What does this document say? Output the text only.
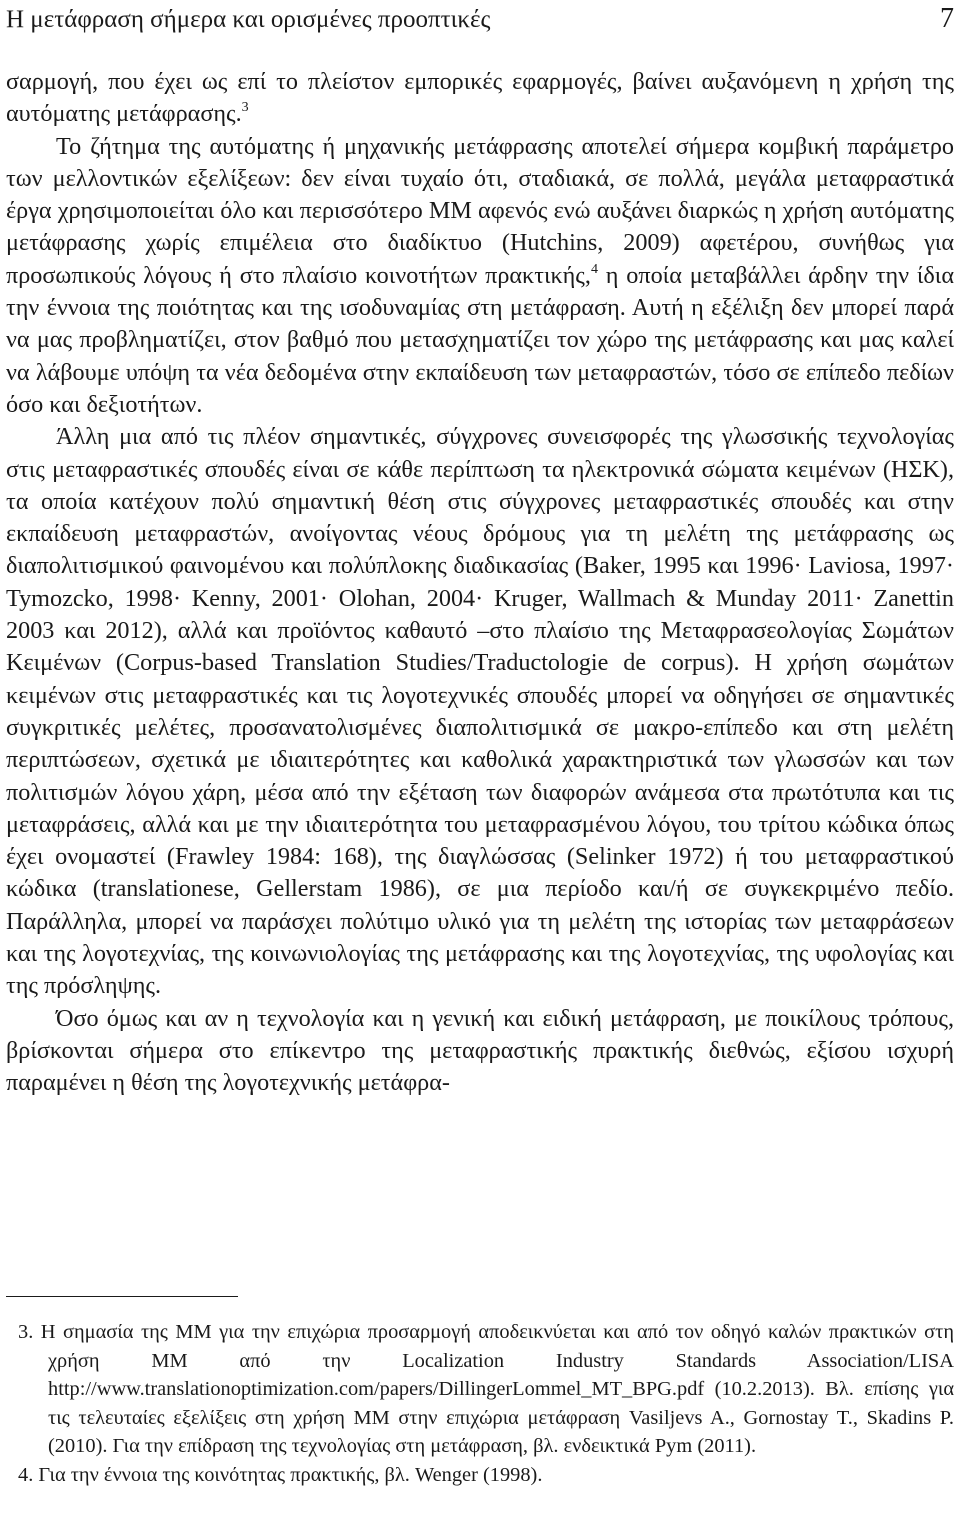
Η μετάφραση σήμερα και ορισμένες προοπτικές	7

σαρμογή, που έχει ως επί το πλείστον εμπορικές εφαρμογές, βαίνει αυξανόμενη η χρήση της αυτόματης μετάφρασης.$^3$

Το ζήτημα της αυτόματης ή μηχανικής μετάφρασης αποτελεί σήμερα κομβική παράμετρο των μελλοντικών εξελίξεων: δεν είναι τυχαίο ότι, σταδιακά, σε πολλά, μεγάλα μεταφραστικά έργα χρησιμοποιείται όλο και περισσότερο ΜΜ αφενός ενώ αυξάνει διαρκώς η χρήση αυτόματης μετάφρασης χωρίς επιμέλεια στο διαδίκτυο (Hutchins, 2009) αφετέρου, συνήθως για προσωπικούς λόγους ή στο πλαίσιο κοινοτήτων πρακτικής,$^4$ η οποία μεταβάλλει άρδην την ίδια την έννοια της ποιότητας και της ισοδυναμίας στη μετάφραση. Αυτή η εξέλιξη δεν μπορεί παρά να μας προβληματίζει, στον βαθμό που μετασχηματίζει τον χώρο της μετάφρασης και μας καλεί να λάβουμε υπόψη τα νέα δεδομένα στην εκπαίδευση των μεταφραστών, τόσο σε επίπεδο πεδίων όσο και δεξιοτήτων.

Άλλη μια από τις πλέον σημαντικές, σύγχρονες συνεισφορές της γλωσσικής τεχνολογίας στις μεταφραστικές σπουδές είναι σε κάθε περίπτωση τα ηλεκτρονικά σώματα κειμένων (ΗΣΚ), τα οποία κατέχουν πολύ σημαντική θέση στις σύγχρονες μεταφραστικές σπουδές και στην εκπαίδευση μεταφραστών, ανοίγοντας νέους δρόμους για τη μελέτη της μετάφρασης ως διαπολιτισμικού φαινομένου και πολύπλοκης διαδικασίας (Baker, 1995 και 1996· Laviosa, 1997· Tymozcko, 1998· Kenny, 2001· Olohan, 2004· Kruger, Wallmach & Munday 2011· Zanettin 2003 και 2012), αλλά και προϊόντος καθαυτό –στο πλαίσιο της Μεταφρασεολογίας Σωμάτων Κειμένων (Corpus-based Translation Studies/Traductologie de corpus). Η χρήση σωμάτων κειμένων στις μεταφραστικές και τις λογοτεχνικές σπουδές μπορεί να οδηγήσει σε σημαντικές συγκριτικές μελέτες, προσανατολισμένες διαπολιτισμικά σε μακρο-επίπεδο και στη μελέτη περιπτώσεων, σχετικά με ιδιαιτερότητες και καθολικά χαρακτηριστικά των γλωσσών και των πολιτισμών λόγου χάρη, μέσα από την εξέταση των διαφορών ανάμεσα στα πρωτότυπα και τις μεταφράσεις, αλλά και με την ιδιαιτερότητα του μεταφρασμένου λόγου, του τρίτου κώδικα όπως έχει ονομαστεί (Frawley 1984: 168), της διαγλώσσας (Selinker 1972) ή του μεταφραστικού κώδικα (translationese, Gellerstam 1986), σε μια περίοδο και/ή σε συγκεκριμένο πεδίο. Παράλληλα, μπορεί να παράσχει πολύτιμο υλικό για τη μελέτη της ιστορίας των μεταφράσεων και της λογοτεχνίας, της κοινωνιολογίας της μετάφρασης και της λογοτεχνίας, της υφολογίας και της πρόσληψης.

Όσο όμως και αν η τεχνολογία και η γενική και ειδική μετάφραση, με ποικίλους τρόπους, βρίσκονται σήμερα στο επίκεντρο της μεταφραστικής πρακτικής διεθνώς, εξίσου ισχυρή παραμένει η θέση της λογοτεχνικής μετάφρα-

3. Η σημασία της ΜΜ για την επιχώρια προσαρμογή αποδεικνύεται και από τον οδηγό καλών πρακτικών στη χρήση ΜΜ από την Localization Industry Standards Association/LISA http://www.translationoptimization.com/papers/DillingerLommel_MT_BPG.pdf (10.2.2013). Βλ. επίσης για τις τελευταίες εξελίξεις στη χρήση ΜΜ στην επιχώρια μετάφραση Vasiljevs A., Gornostay T., Skadins P. (2010). Για την επίδραση της τεχνολογίας στη μετάφραση, βλ. ενδεικτικά Pym (2011).

4. Για την έννοια της κοινότητας πρακτικής, βλ. Wenger (1998).
